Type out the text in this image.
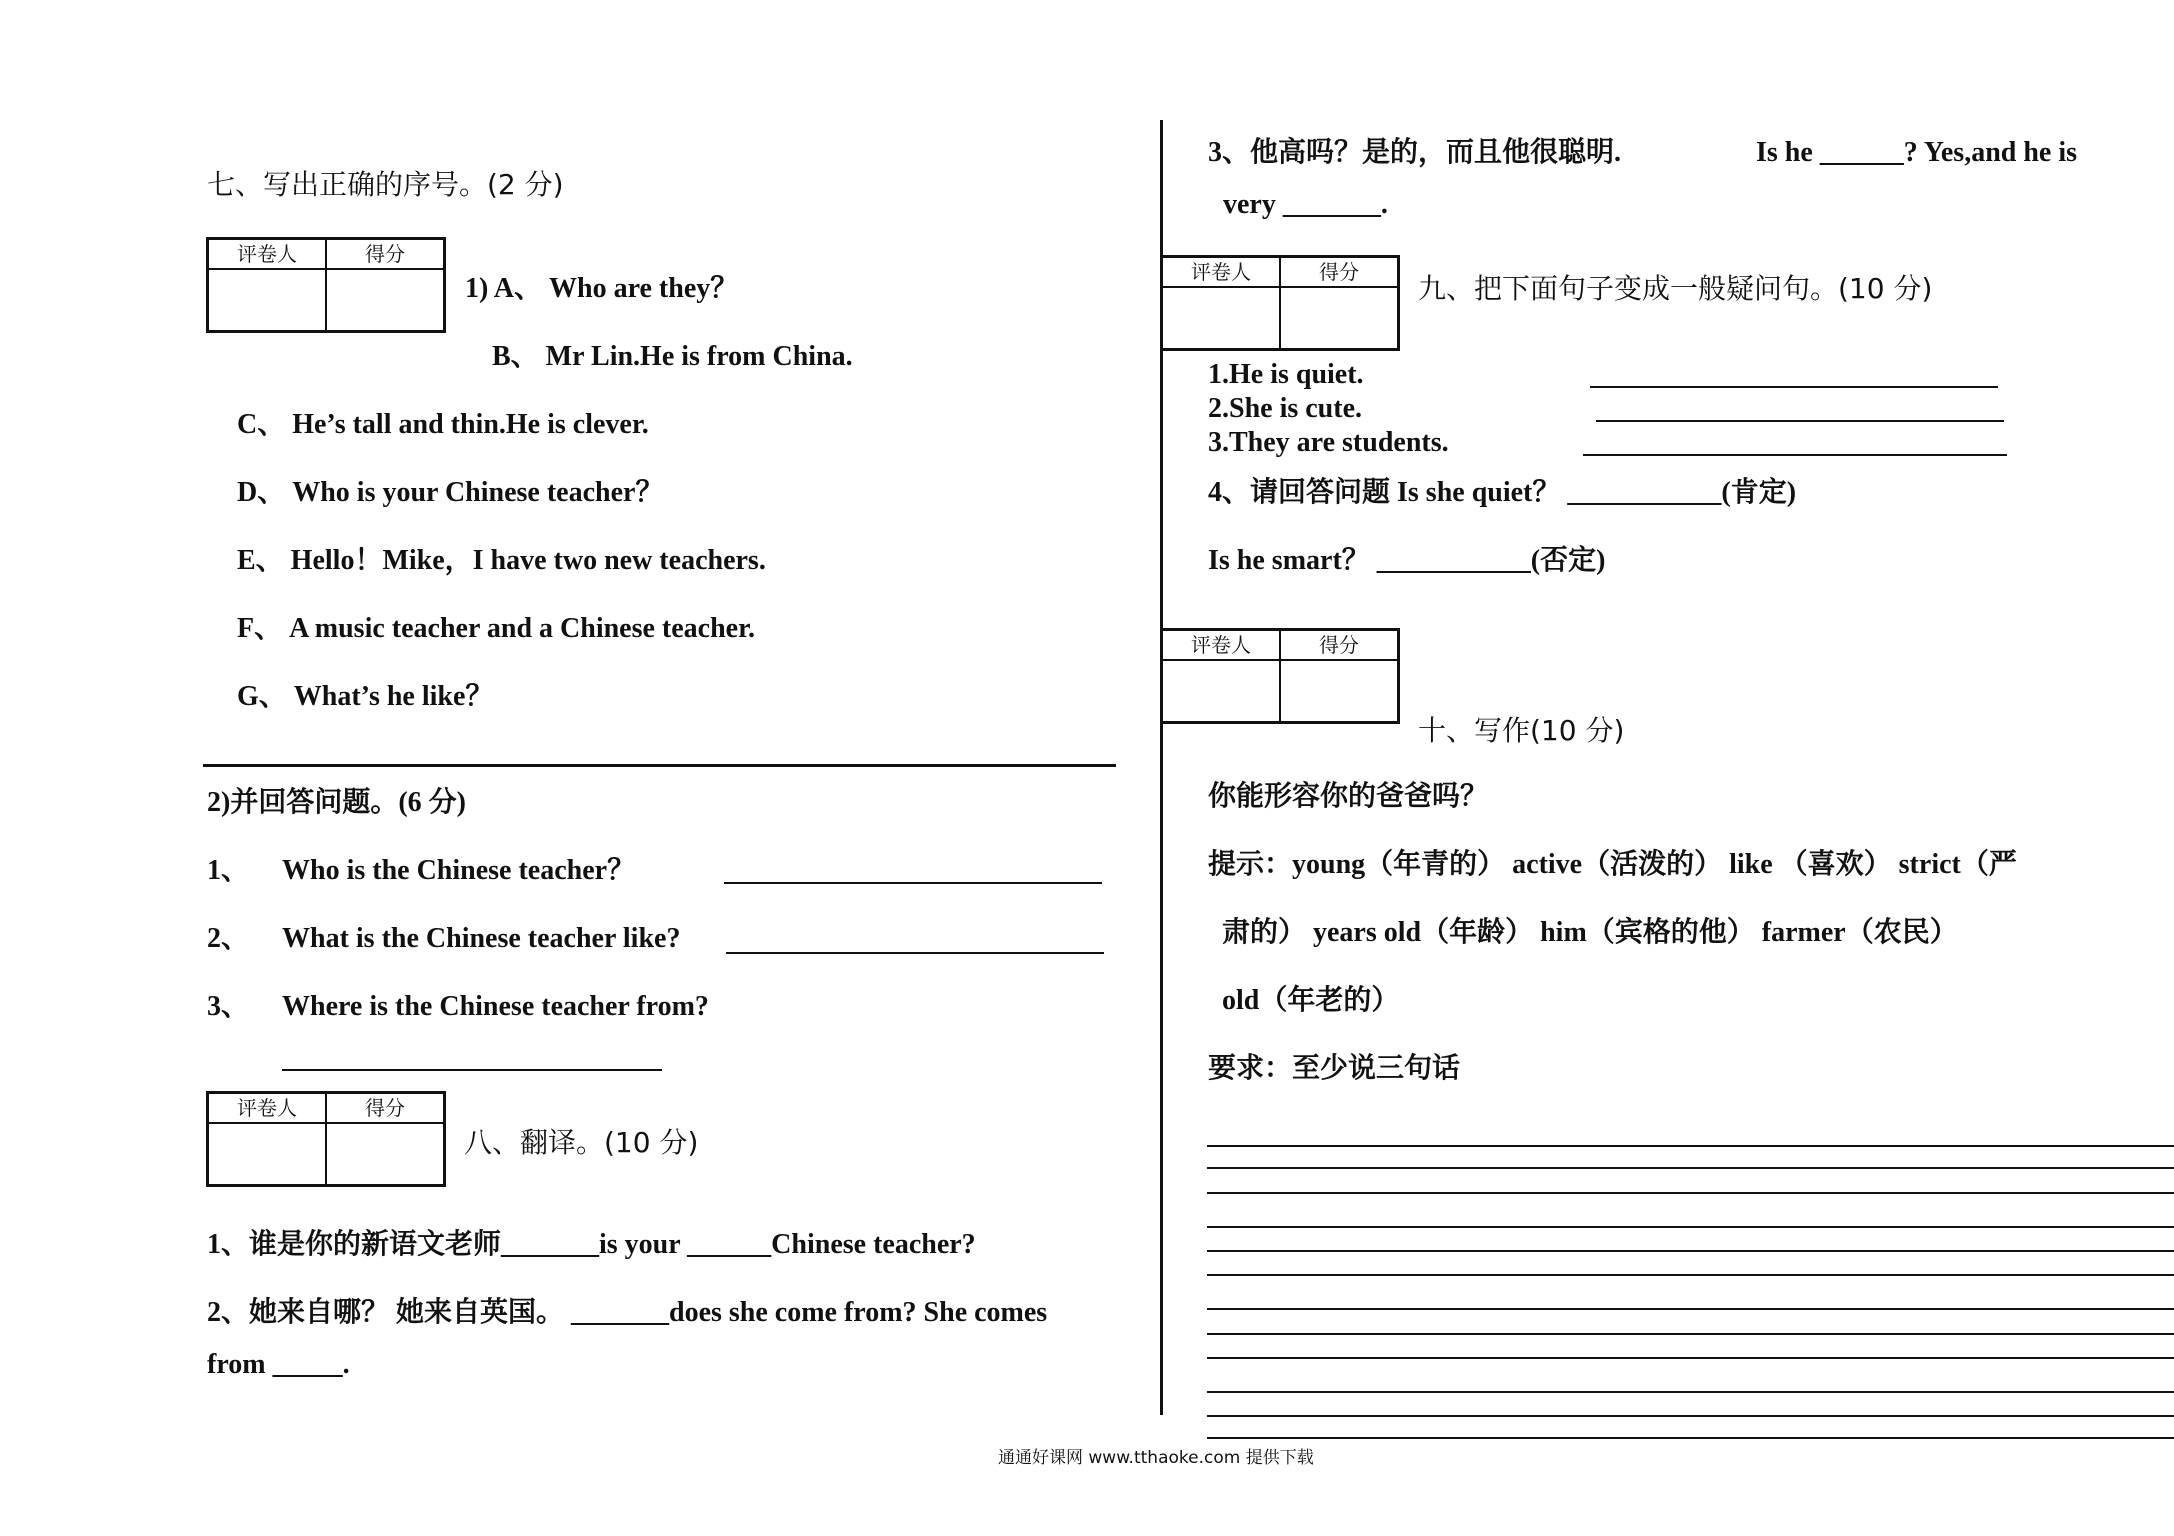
七、写出正确的序号。(2 分)
评卷人	得分
1) A、 Who are they？
B、 Mr Lin.He is from China.
C、 He’s tall and thin.He is clever.
D、 Who is your Chinese teacher？
E、 Hello！Mike，I have two new teachers.
F、 A music teacher and a Chinese teacher.
G、 What’s he like？
2)并回答问题。(6 分)
1、 Who is the Chinese teacher？
2、 What is the Chinese teacher like?
3、 Where is the Chinese teacher from?
评卷人	得分
八、翻译。(10 分)
1、谁是你的新语文老师_______is your ______Chinese teacher?
2、她来自哪？ 她来自英国。 _______does she come from? She comes
from _____.
3、他高吗？是的，而且他很聪明.	Is he ______? Yes,and he is
very _______.
评卷人	得分	九、把下面句子变成一般疑问句。(10 分)
1.He is quiet.
2.She is cute.
3.They are students.
4、请回答问题 Is she quiet？ ___________(肯定)
Is he smart？ ___________(否定)
评卷人	得分
十、写作(10 分)
你能形容你的爸爸吗？
提示：young（年青的） active（活泼的） like （喜欢） strict（严
肃的） years old（年龄） him（宾格的他） farmer（农民）
old（年老的）
要求：至少说三句话
通通好课网 www.tthaoke.com 提供下载
